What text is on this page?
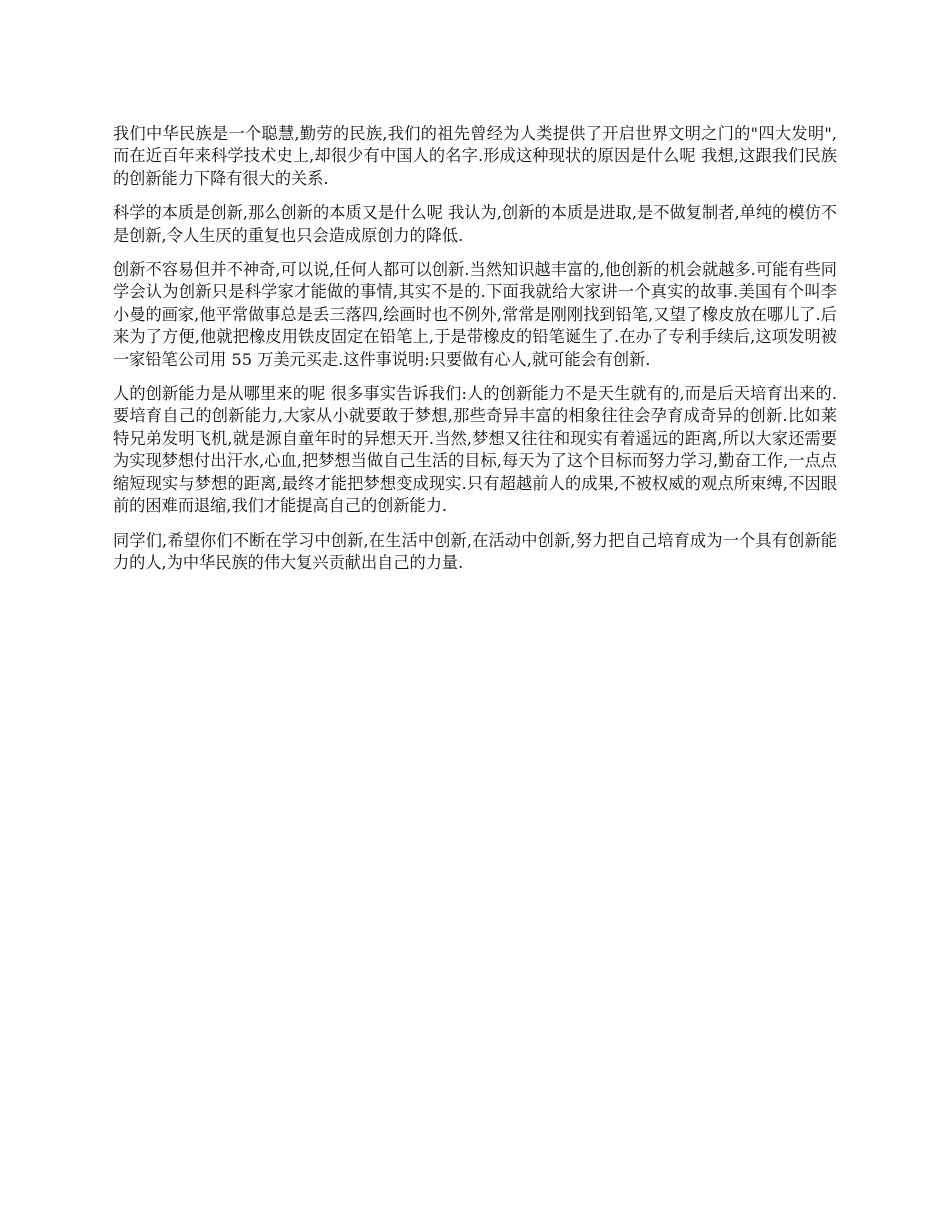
我们中华民族是一个聪慧,勤劳的民族,我们的祖先曾经为人类提供了开启世界文明之门的"四大发明",而在近百年来科学技术史上,却很少有中国人的名字.形成这种现状的原因是什么呢 我想,这跟我们民族的创新能力下降有很大的关系.

科学的本质是创新,那么创新的本质又是什么呢 我认为,创新的本质是进取,是不做复制者,单纯的模仿不是创新,令人生厌的重复也只会造成原创力的降低.

创新不容易但并不神奇,可以说,任何人都可以创新.当然知识越丰富的,他创新的机会就越多.可能有些同学会认为创新只是科学家才能做的事情,其实不是的.下面我就给大家讲一个真实的故事.美国有个叫李小曼的画家,他平常做事总是丢三落四,绘画时也不例外,常常是刚刚找到铅笔,又望了橡皮放在哪儿了.后来为了方便,他就把橡皮用铁皮固定在铅笔上,于是带橡皮的铅笔诞生了.在办了专利手续后,这项发明被一家铅笔公司用 55 万美元买走.这件事说明:只要做有心人,就可能会有创新.

人的创新能力是从哪里来的呢 很多事实告诉我们:人的创新能力不是天生就有的,而是后天培育出来的.要培育自己的创新能力,大家从小就要敢于梦想,那些奇异丰富的相象往往会孕育成奇异的创新.比如莱特兄弟发明飞机,就是源自童年时的异想天开.当然,梦想又往往和现实有着遥远的距离,所以大家还需要为实现梦想付出汗水,心血,把梦想当做自己生活的目标,每天为了这个目标而努力学习,勤奋工作,一点点缩短现实与梦想的距离,最终才能把梦想变成现实.只有超越前人的成果,不被权威的观点所束缚,不因眼前的困难而退缩,我们才能提高自己的创新能力.

同学们,希望你们不断在学习中创新,在生活中创新,在活动中创新,努力把自己培育成为一个具有创新能力的人,为中华民族的伟大复兴贡献出自己的力量.
